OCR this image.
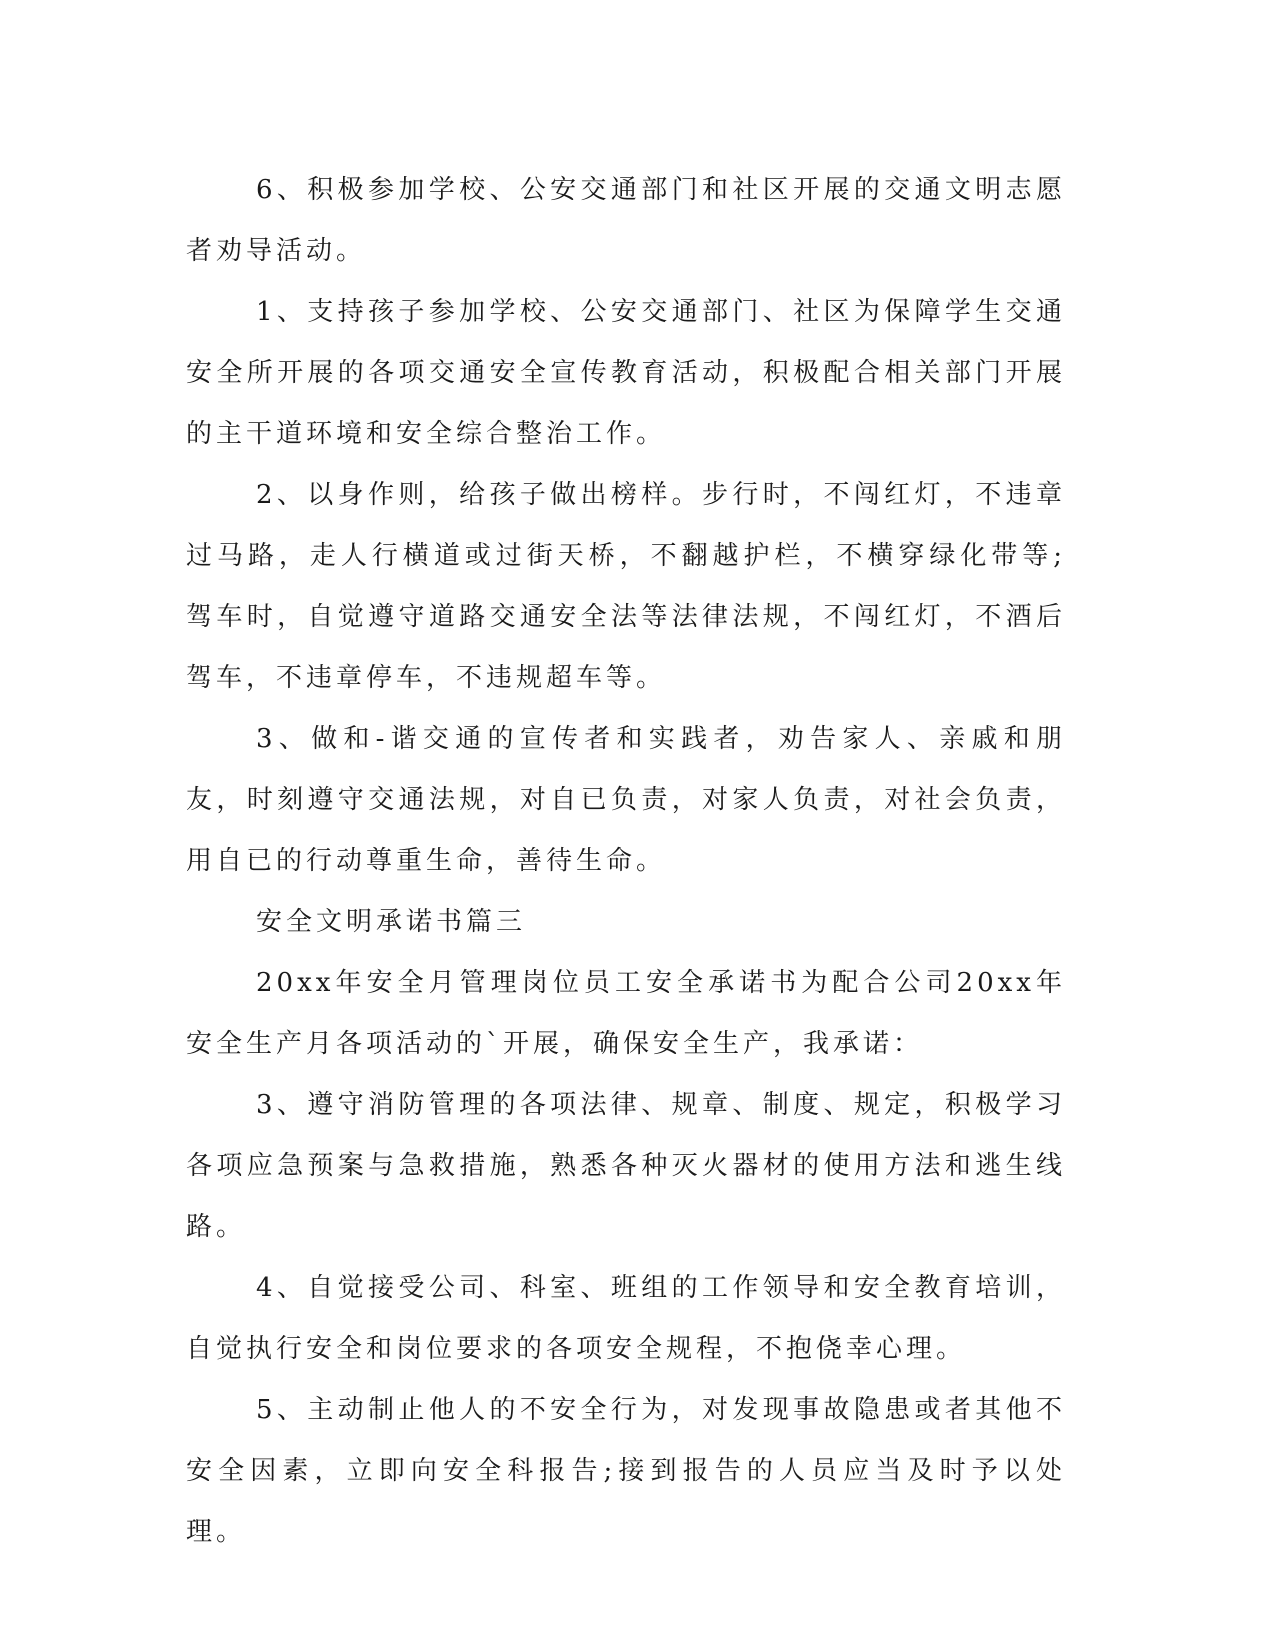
6、积极参加学校、公安交通部门和社区开展的交通文明志愿者劝导活动。

1、支持孩子参加学校、公安交通部门、社区为保障学生交通安全所开展的各项交通安全宣传教育活动，积极配合相关部门开展的主干道环境和安全综合整治工作。

2、以身作则，给孩子做出榜样。步行时，不闯红灯，不违章过马路，走人行横道或过街天桥，不翻越护栏，不横穿绿化带等;驾车时，自觉遵守道路交通安全法等法律法规，不闯红灯，不酒后驾车，不违章停车，不违规超车等。

3、做和-谐交通的宣传者和实践者，劝告家人、亲戚和朋友，时刻遵守交通法规，对自已负责，对家人负责，对社会负责，用自已的行动尊重生命，善待生命。

安全文明承诺书篇三

20xx年安全月管理岗位员工安全承诺书为配合公司20xx年安全生产月各项活动的`开展，确保安全生产，我承诺：

3、遵守消防管理的各项法律、规章、制度、规定，积极学习各项应急预案与急救措施，熟悉各种灭火器材的使用方法和逃生线路。

4、自觉接受公司、科室、班组的工作领导和安全教育培训，自觉执行安全和岗位要求的各项安全规程，不抱侥幸心理。

5、主动制止他人的不安全行为，对发现事故隐患或者其他不安全因素，立即向安全科报告;接到报告的人员应当及时予以处理。
